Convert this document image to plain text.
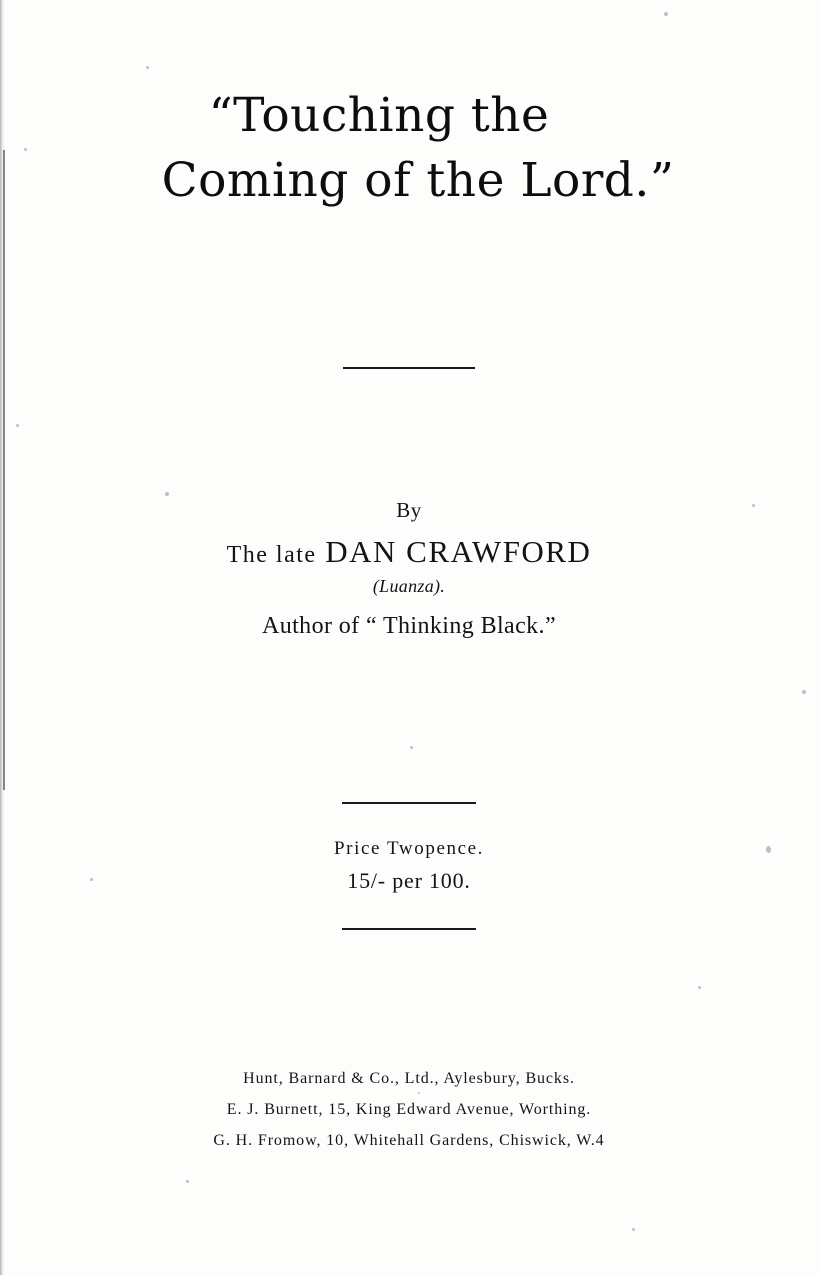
“Touching the
Coming of the Lord.”
By
The late DAN CRAWFORD
(Luanza).
Author of “ Thinking Black.”
Price Twopence.
15/- per 100.
Hunt, Barnard & Co., Ltd., Aylesbury, Bucks.
E. J. Burnett, 15, King Edward Avenue, Worthing.
G. H. Fromow, 10, Whitehall Gardens, Chiswick, W.4
